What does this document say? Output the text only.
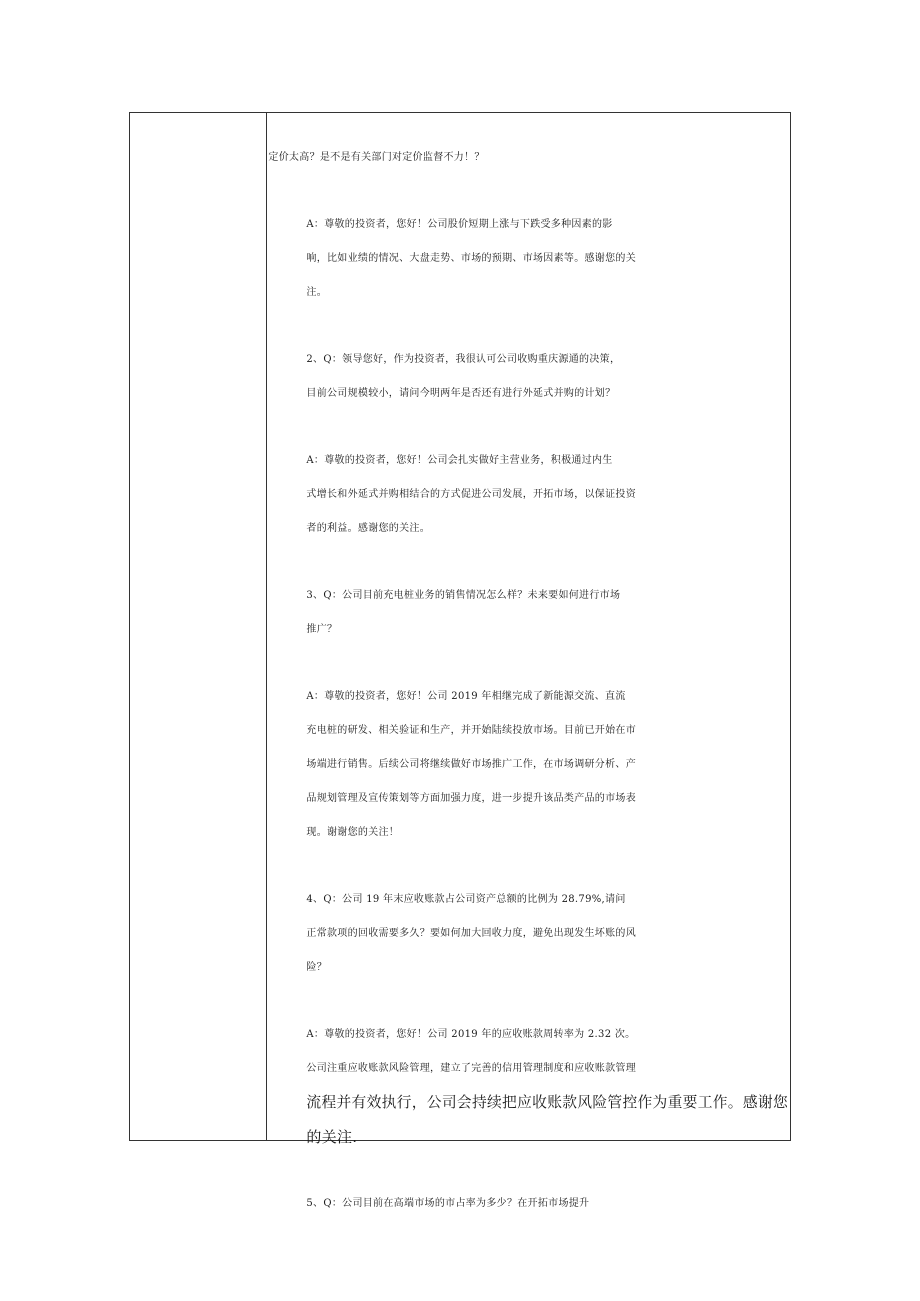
定价太高？是不是有关部门对定价监督不力！？
A：尊敬的投资者，您好！公司股价短期上涨与下跌受多种因素的影
响，比如业绩的情况、大盘走势、市场的预期、市场因素等。感谢您的关
注。
2、Q：领导您好，作为投资者，我很认可公司收购重庆源通的决策，
目前公司规模较小，请问今明两年是否还有进行外延式并购的计划？
A：尊敬的投资者，您好！公司会扎实做好主营业务，积极通过内生
式增长和外延式并购相结合的方式促进公司发展，开拓市场，以保证投资
者的利益。感谢您的关注。
3、Q：公司目前充电桩业务的销售情况怎么样？未来要如何进行市场
推广？
A：尊敬的投资者，您好！公司 2019 年相继完成了新能源交流、直流
充电桩的研发、相关验证和生产，并开始陆续投放市场。目前已开始在市
场端进行销售。后续公司将继续做好市场推广工作，在市场调研分析、产
品规划管理及宣传策划等方面加强力度，进一步提升该品类产品的市场表
现。谢谢您的关注！
4、Q：公司 19 年末应收账款占公司资产总额的比例为 28.79%,请问
正常款项的回收需要多久？要如何加大回收力度，避免出现发生坏账的风
险？
A：尊敬的投资者，您好！公司 2019 年的应收账款周转率为 2.32 次。
公司注重应收账款风险管理，建立了完善的信用管理制度和应收账款管理
流程并有效执行，公司会持续把应收账款风险管控作为重要工作。感谢您
的关注.
5、Q：公司目前在高端市场的市占率为多少？在开拓市场提升
